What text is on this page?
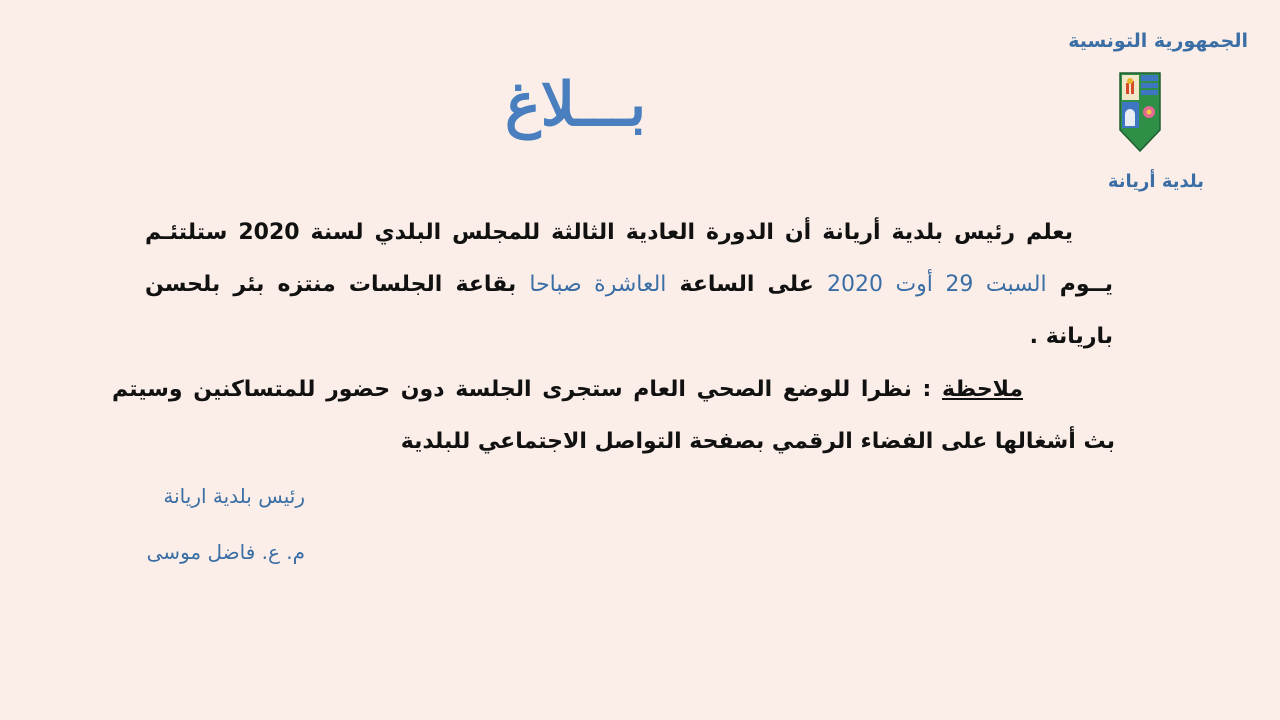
الجمهورية التونسية
بلدية أريانة
بـــلاغ
يعلم رئيس بلدية أريانة أن الدورة العادية الثالثة للمجلس البلدي لسنة 2020 ستلتئـم يــوم السبت 29 أوت 2020 على الساعة العاشرة صباحا بقاعة الجلسات منتزه بئر بلحسن باريانة .
ملاحظة : نظرا للوضع الصحي العام ستجرى الجلسة دون حضور للمتساكنين وسيتم بث أشغالها على الفضاء الرقمي بصفحة التواصل الاجتماعي للبلدية
رئيس بلدية اريانة
م. ع. فاضل موسى
